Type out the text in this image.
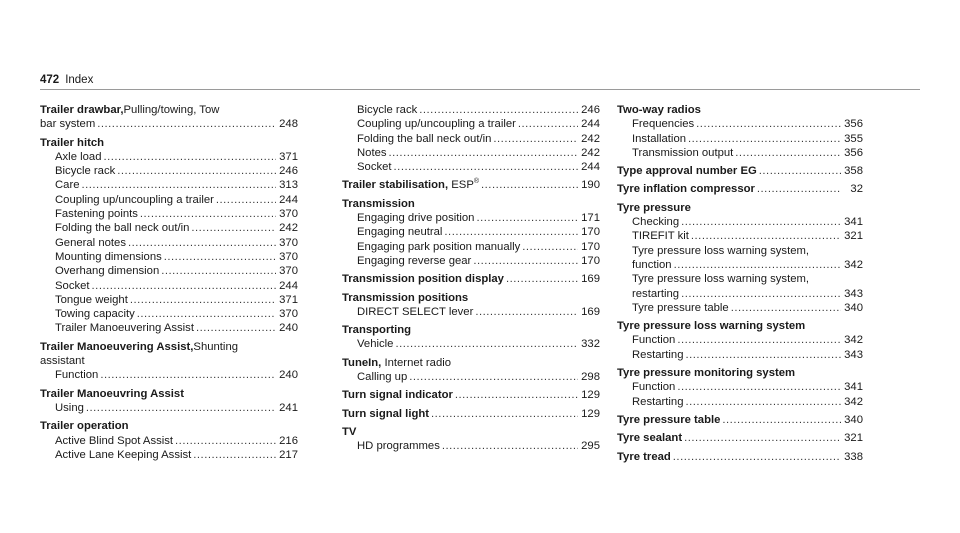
472 Index
Trailer drawbar, Pulling/towing, Tow
bar system .....	248
Trailer hitch
Axle load .....	371
Bicycle rack .....	246
Care .....	313
Coupling up/uncoupling a trailer .....	244
Fastening points .....	370
Folding the ball neck out/in .....	242
General notes .....	370
Mounting dimensions .....	370
Overhang dimension .....	370
Socket .....	244
Tongue weight .....	371
Towing capacity .....	370
Trailer Manoeuvering Assist .....	240
Trailer Manoeuvering Assist, Shunting
assistant
Function .....	240
Trailer Manoeuvring Assist
Using .....	241
Trailer operation
Active Blind Spot Assist .....	216
Active Lane Keeping Assist .....	217
Bicycle rack .....	246
Coupling up/uncoupling a trailer .....	244
Folding the ball neck out/in .....	242
Notes .....	242
Socket .....	244
Trailer stabilisation, ESP® .....	190
Transmission
Engaging drive position .....	171
Engaging neutral .....	170
Engaging park position manually .....	170
Engaging reverse gear .....	170
Transmission position display .....	169
Transmission positions
DIRECT SELECT lever .....	169
Transporting
Vehicle .....	332
TuneIn, Internet radio
Calling up .....	298
Turn signal indicator .....	129
Turn signal light .....	129
TV
HD programmes .....	295
Two-way radios
Frequencies .....	356
Installation .....	355
Transmission output .....	356
Type approval number EG .....	358
Tyre inflation compressor .....	32
Tyre pressure
Checking .....	341
TIREFIT kit .....	321
Tyre pressure loss warning system,
function .....	342
Tyre pressure loss warning system,
restarting .....	343
Tyre pressure table .....	340
Tyre pressure loss warning system
Function .....	342
Restarting .....	343
Tyre pressure monitoring system
Function .....	341
Restarting .....	342
Tyre pressure table .....	340
Tyre sealant .....	321
Tyre tread .....	338
